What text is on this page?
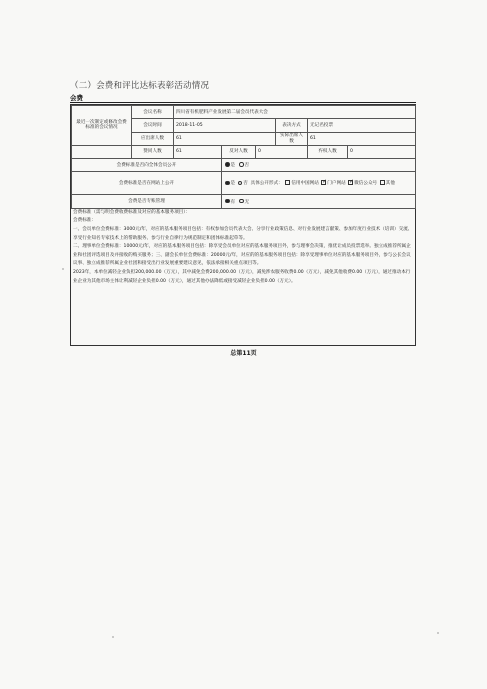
（二）会费和评比达标表彰活动情况
会费
最近一次制定或修改会费标准的会议情况	会议名称	四川省有机肥料产业发展第二届会员代表大会					
	会议时间	2018-11-05			表决方式	无记名投票	
	应出席人数	61			实际出席人数	61	
	赞同人数	61	反对人数	0		弃权人数	0
会费标准是否向全体会员公开			是 否				
会费标准是否在网站上公开			是 否 具体公开形式： 信用中国网站 ✓ 门户网站 ✓ 微信公众号 其他
会费是否专账管理			有 无				

会费标准（需与明会费收费标准及对应的基本服务项目）：

会费标准：

一、会员单位会费标准：3000元/年，对应的基本服务项目包括：有权参加会员代表大会、分享行业政策信息、对行业发展建言献策、参加年度行业技术（培训）交流、享受行业知名专家技术上的帮助服务、参与行业自律行为规范制定和团体标准起草等。

二、理事单位会费标准：10000元/年，对应的基本服务项目包括：除享受会员单位对应的基本服务项目外，参与理事会决策，推优让成员投票选举。独立成推荐所属企业和社团评选项目及并接收的购买服务；三、副会长单位会费标准：20000元/年，对应的的基本服务项目包括：除享受理事单位对应的基本服务项目外，参与公长会议议事、独立成推荐所属企业社团和接受出行业发展重要建议意见，依法承接相关重点项目等。

2023年，本单位减轻企业负担200,000.00（万元），其中减免会费200,000.00（万元），减免涉农服务收费0.00（万元），减免其他收费0.00（万元），通过推动本行业企业为其他市场主体让利减轻企业负担0.00（万元），通过其他办法降低或接受减轻企业负担0.00（万元）。

总第11页
